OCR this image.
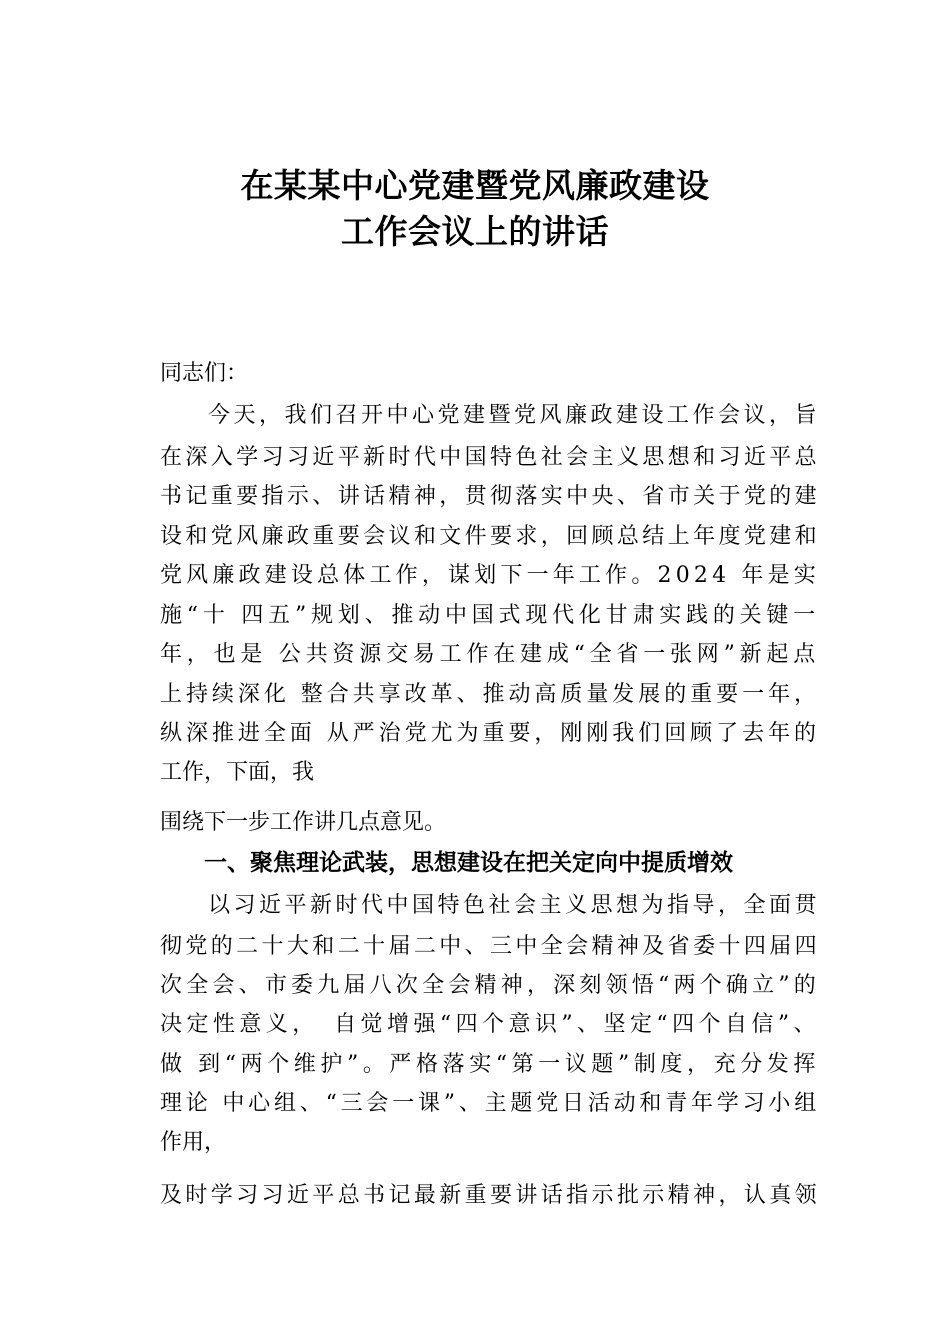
在某某中心党建暨党风廉政建设
工作会议上的讲话
同志们：
今天，我们召开中心党建暨党风廉政建设工作会议，旨
在深入学习习近平新时代中国特色社会主义思想和习近平总
书记重要指示、讲话精神，贯彻落实中央、省市关于党的建
设和党风廉政重要会议和文件要求，回顾总结上年度党建和
党风廉政建设总体工作，谋划下一年工作。2024 年是实
施“十 四五”规划、推动中国式现代化甘肃实践的关键一
年，也是 公共资源交易工作在建成“全省一张网”新起点
上持续深化 整合共享改革、推动高质量发展的重要一年，
纵深推进全面 从严治党尤为重要，刚刚我们回顾了去年的
工作，下面，我
围绕下一步工作讲几点意见。
一、聚焦理论武装，思想建设在把关定向中提质增效
以习近平新时代中国特色社会主义思想为指导，全面贯
彻党的二十大和二十届二中、三中全会精神及省委十四届四
次全会、市委九届八次全会精神，深刻领悟“两个确立”的
决定性意义，　自觉增强“四个意识”、坚定“四个自信”、
做 到“两个维护”。严格落实“第一议题”制度，充分发挥
理论 中心组、“三会一课”、主题党日活动和青年学习小组
作用，
及时学习习近平总书记最新重要讲话指示批示精神，认真领
